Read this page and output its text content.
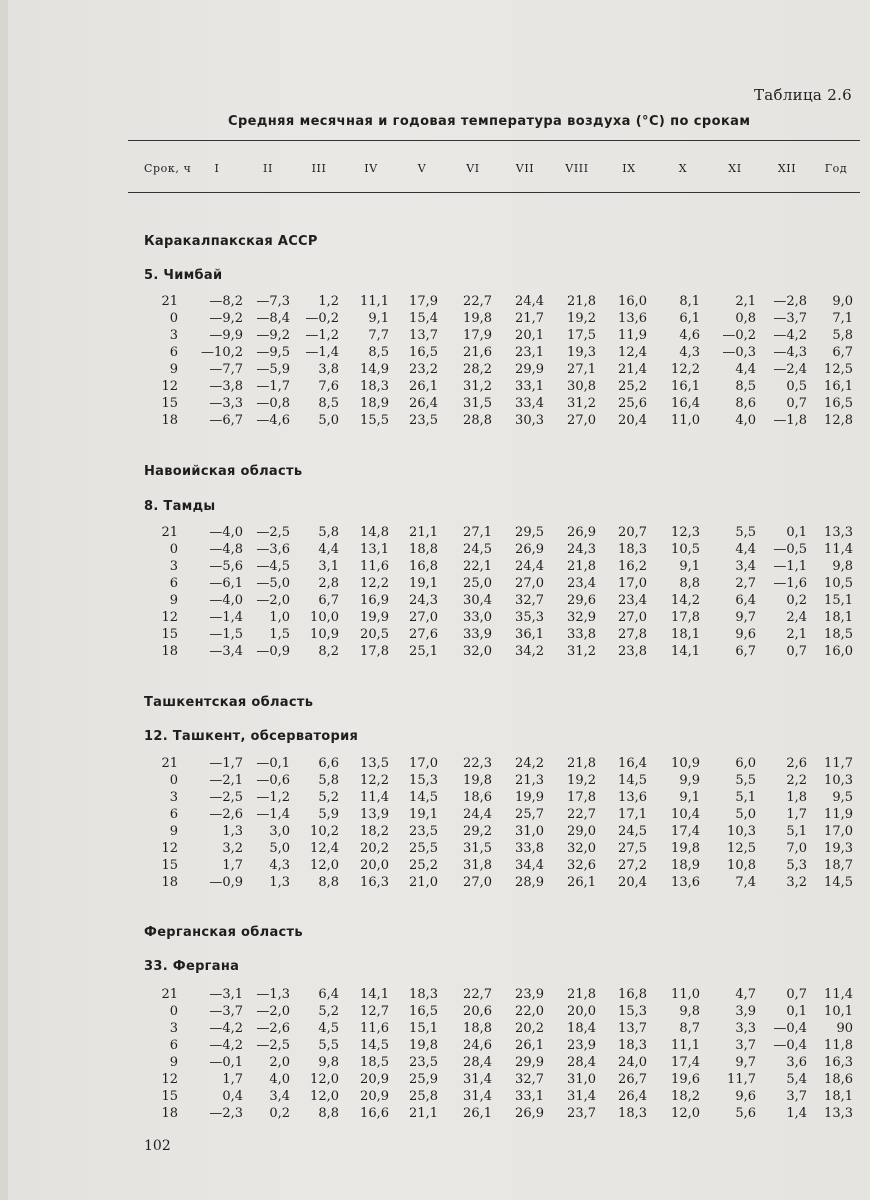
Таблица 2.6
Средняя месячная и годовая температура воздуха (°C) по срокам
Срок, ч	I	II	III	IV	V	VI	VII	VIII	IX	X	XI	XII	Год
Каракалпакская АССР
5. Чимбай
21	—8,2	—7,3	1,2	11,1	17,9	22,7	24,4	21,8	16,0	8,1	2,1	—2,8	9,0
0	—9,2	—8,4	—0,2	9,1	15,4	19,8	21,7	19,2	13,6	6,1	0,8	—3,7	7,1
3	—9,9	—9,2	—1,2	7,7	13,7	17,9	20,1	17,5	11,9	4,6	—0,2	—4,2	5,8
6	—10,2	—9,5	—1,4	8,5	16,5	21,6	23,1	19,3	12,4	4,3	—0,3	—4,3	6,7
9	—7,7	—5,9	3,8	14,9	23,2	28,2	29,9	27,1	21,4	12,2	4,4	—2,4	12,5
12	—3,8	—1,7	7,6	18,3	26,1	31,2	33,1	30,8	25,2	16,1	8,5	0,5	16,1
15	—3,3	—0,8	8,5	18,9	26,4	31,5	33,4	31,2	25,6	16,4	8,6	0,7	16,5
18	—6,7	—4,6	5,0	15,5	23,5	28,8	30,3	27,0	20,4	11,0	4,0	—1,8	12,8
Навоийская область
8. Тамды
21	—4,0	—2,5	5,8	14,8	21,1	27,1	29,5	26,9	20,7	12,3	5,5	0,1	13,3
0	—4,8	—3,6	4,4	13,1	18,8	24,5	26,9	24,3	18,3	10,5	4,4	—0,5	11,4
3	—5,6	—4,5	3,1	11,6	16,8	22,1	24,4	21,8	16,2	9,1	3,4	—1,1	9,8
6	—6,1	—5,0	2,8	12,2	19,1	25,0	27,0	23,4	17,0	8,8	2,7	—1,6	10,5
9	—4,0	—2,0	6,7	16,9	24,3	30,4	32,7	29,6	23,4	14,2	6,4	0,2	15,1
12	—1,4	1,0	10,0	19,9	27,0	33,0	35,3	32,9	27,0	17,8	9,7	2,4	18,1
15	—1,5	1,5	10,9	20,5	27,6	33,9	36,1	33,8	27,8	18,1	9,6	2,1	18,5
18	—3,4	—0,9	8,2	17,8	25,1	32,0	34,2	31,2	23,8	14,1	6,7	0,7	16,0
Ташкентская область
12. Ташкент, обсерватория
21	—1,7	—0,1	6,6	13,5	17,0	22,3	24,2	21,8	16,4	10,9	6,0	2,6	11,7
0	—2,1	—0,6	5,8	12,2	15,3	19,8	21,3	19,2	14,5	9,9	5,5	2,2	10,3
3	—2,5	—1,2	5,2	11,4	14,5	18,6	19,9	17,8	13,6	9,1	5,1	1,8	9,5
6	—2,6	—1,4	5,9	13,9	19,1	24,4	25,7	22,7	17,1	10,4	5,0	1,7	11,9
9	1,3	3,0	10,2	18,2	23,5	29,2	31,0	29,0	24,5	17,4	10,3	5,1	17,0
12	3,2	5,0	12,4	20,2	25,5	31,5	33,8	32,0	27,5	19,8	12,5	7,0	19,3
15	1,7	4,3	12,0	20,0	25,2	31,8	34,4	32,6	27,2	18,9	10,8	5,3	18,7
18	—0,9	1,3	8,8	16,3	21,0	27,0	28,9	26,1	20,4	13,6	7,4	3,2	14,5
Ферганская область
33. Фергана
21	—3,1	—1,3	6,4	14,1	18,3	22,7	23,9	21,8	16,8	11,0	4,7	0,7	11,4
0	—3,7	—2,0	5,2	12,7	16,5	20,6	22,0	20,0	15,3	9,8	3,9	0,1	10,1
3	—4,2	—2,6	4,5	11,6	15,1	18,8	20,2	18,4	13,7	8,7	3,3	—0,4	90
6	—4,2	—2,5	5,5	14,5	19,8	24,6	26,1	23,9	18,3	11,1	3,7	—0,4	11,8
9	—0,1	2,0	9,8	18,5	23,5	28,4	29,9	28,4	24,0	17,4	9,7	3,6	16,3
12	1,7	4,0	12,0	20,9	25,9	31,4	32,7	31,0	26,7	19,6	11,7	5,4	18,6
15	0,4	3,4	12,0	20,9	25,8	31,4	33,1	31,4	26,4	18,2	9,6	3,7	18,1
18	—2,3	0,2	8,8	16,6	21,1	26,1	26,9	23,7	18,3	12,0	5,6	1,4	13,3
102
